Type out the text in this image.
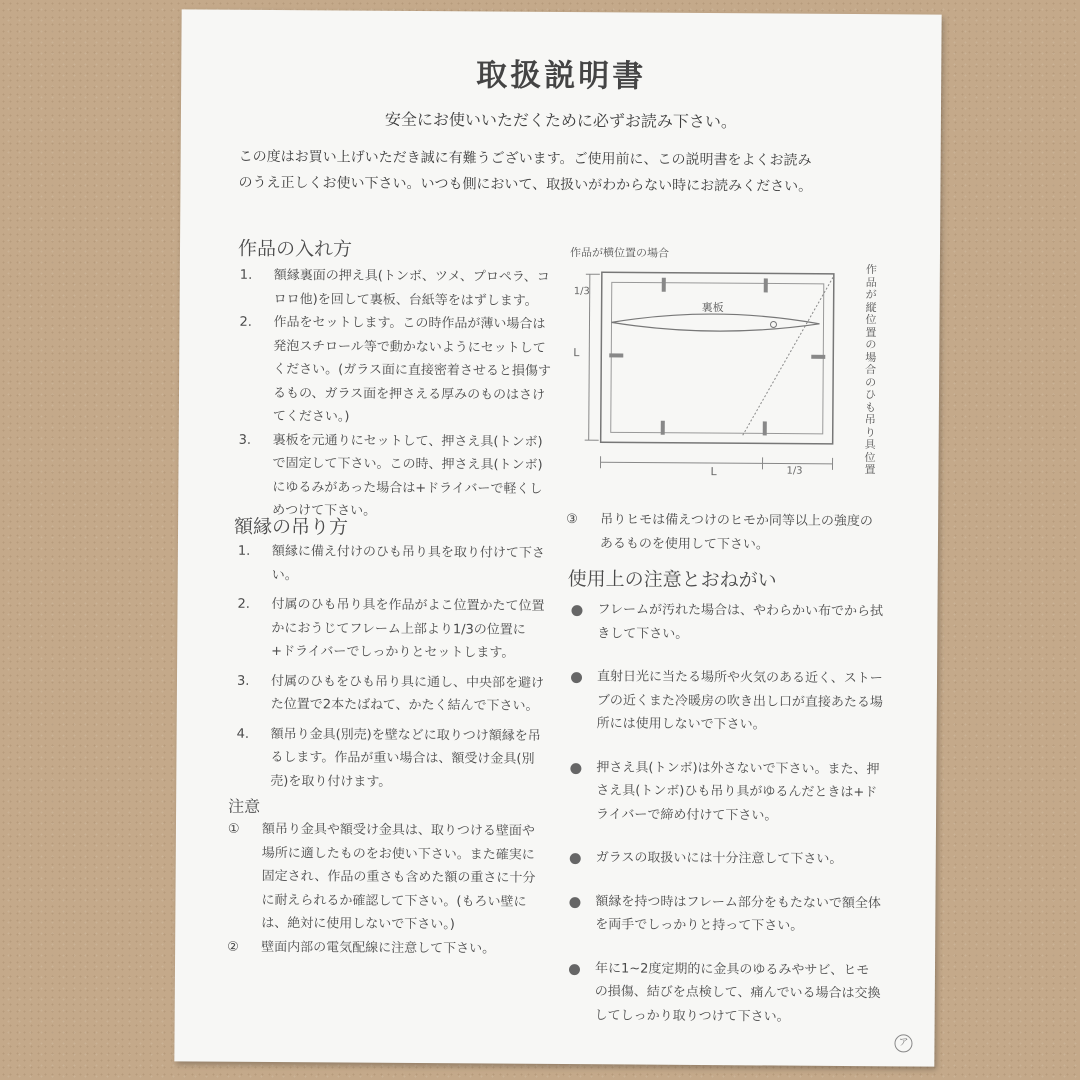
取扱説明書
安全にお使いいただくために必ずお読み下さい。
この度はお買い上げいただき誠に有難うございます。ご使用前に、この説明書をよくお読み
のうえ正しくお使い下さい。いつも側において、取扱いがわからない時にお読みください。
作品の入れ方
1.	額縁裏面の押え具(トンボ、ツメ、プロペラ、コロロ他)を回して裏板、台紙等をはずします。
2.	作品をセットします。この時作品が薄い場合は発泡スチロール等で動かないようにセットしてください。(ガラス面に直接密着させると損傷するもの、ガラス面を押さえる厚みのものはさけてください。)
3.	裏板を元通りにセットして、押さえ具(トンボ)で固定して下さい。この時、押さえ具(トンボ)にゆるみがあった場合は+ドライバーで軽くしめつけて下さい。
作品が横位置の場合
1/3
L
裏板
L	1/3
作品が縦位置の場合のひも吊り具位置
額縁の吊り方
1.	額縁に備え付けのひも吊り具を取り付けて下さい。
2.	付属のひも吊り具を作品がよこ位置かたて位置かにおうじてフレーム上部より1/3の位置に+ドライバーでしっかりとセットします。
3.	付属のひもをひも吊り具に通し、中央部を避けた位置で2本たばねて、かたく結んで下さい。
4.	額吊り金具(別売)を壁などに取りつけ額縁を吊るします。作品が重い場合は、額受け金具(別売)を取り付けます。
注意
①	額吊り金具や額受け金具は、取りつける壁面や場所に適したものをお使い下さい。また確実に固定され、作品の重さも含めた額の重さに十分に耐えられるか確認して下さい。(もろい壁には、絶対に使用しないで下さい。)
②	壁面内部の電気配線に注意して下さい。
③	吊りヒモは備えつけのヒモか同等以上の強度のあるものを使用して下さい。
使用上の注意とおねがい
フレームが汚れた場合は、やわらかい布でから拭きして下さい。
直射日光に当たる場所や火気のある近く、ストーブの近くまた冷暖房の吹き出し口が直接あたる場所には使用しないで下さい。
押さえ具(トンボ)は外さないで下さい。また、押さえ具(トンボ)ひも吊り具がゆるんだときは+ドライバーで締め付けて下さい。
ガラスの取扱いには十分注意して下さい。
額縁を持つ時はフレーム部分をもたないで額全体を両手でしっかりと持って下さい。
年に1~2度定期的に金具のゆるみやサビ、ヒモの損傷、結びを点検して、痛んでいる場合は交換してしっかり取りつけて下さい。
ア
